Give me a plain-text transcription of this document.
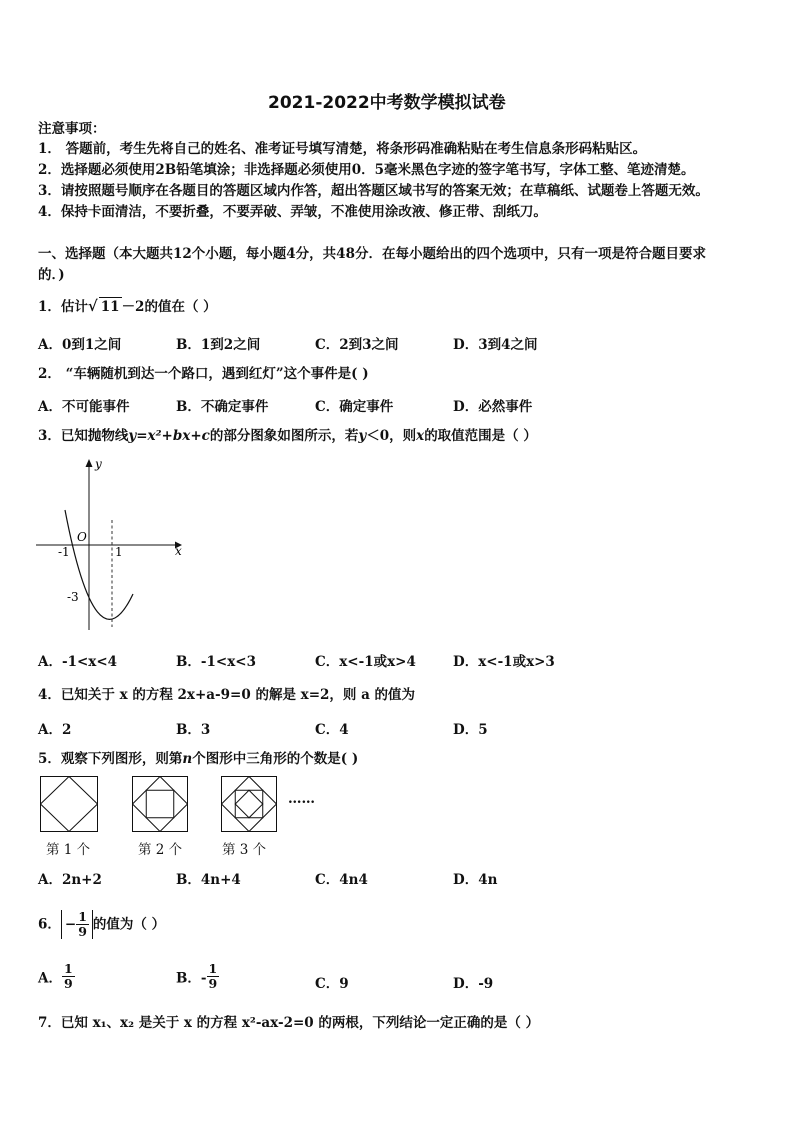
2021-2022中考数学模拟试卷
注意事项：
1． 答题前，考生先将自己的姓名、准考证号填写清楚，将条形码准确粘贴在考生信息条形码粘贴区。
2．选择题必须使用2B铅笔填涂；非选择题必须使用0．5毫米黑色字迹的签字笔书写，字体工整、笔迹清楚。
3．请按照题号顺序在各题目的答题区域内作答，超出答题区域书写的答案无效；在草稿纸、试题卷上答题无效。
4．保持卡面清洁，不要折叠，不要弄破、弄皱，不准使用涂改液、修正带、刮纸刀。
一、选择题（本大题共12个小题，每小题4分，共48分．在每小题给出的四个选项中，只有一项是符合题目要求
的．)
1．估计√ 11 －2的值在（ ）
A．0到1之间	B．1到2之间	C．2到3之间	D．3到4之间
2． “车辆随机到达一个路口，遇到红灯”这个事件是( )
A．不可能事件	B．不确定事件	C．确定事件	D．必然事件
3．已知抛物线y=x²+bx+c的部分图象如图所示，若y＜0，则x的取值范围是（ ）
y
x
O
-1	1
-3
A．-1<x<4	B．-1<x<3	C．x<-1或x>4	D．x<-1或x>3
4．已知关于 x 的方程 2x+a-9=0 的解是 x=2，则 a 的值为
A．2	B．3	C．4	D．5
5．观察下列图形，则第n个图形中三角形的个数是( )
……
第 1 个	第 2 个	第 3 个
A．2n+2	B．4n+4	C．4n4	D．4n
6． − $\frac{1}{9}$ 的值为（ ）
A． $\frac{1}{9}$	B．- $\frac{1}{9}$	C．9	D．-9
7．已知 x₁、x₂ 是关于 x 的方程 x²-ax-2=0 的两根，下列结论一定正确的是（ ）
